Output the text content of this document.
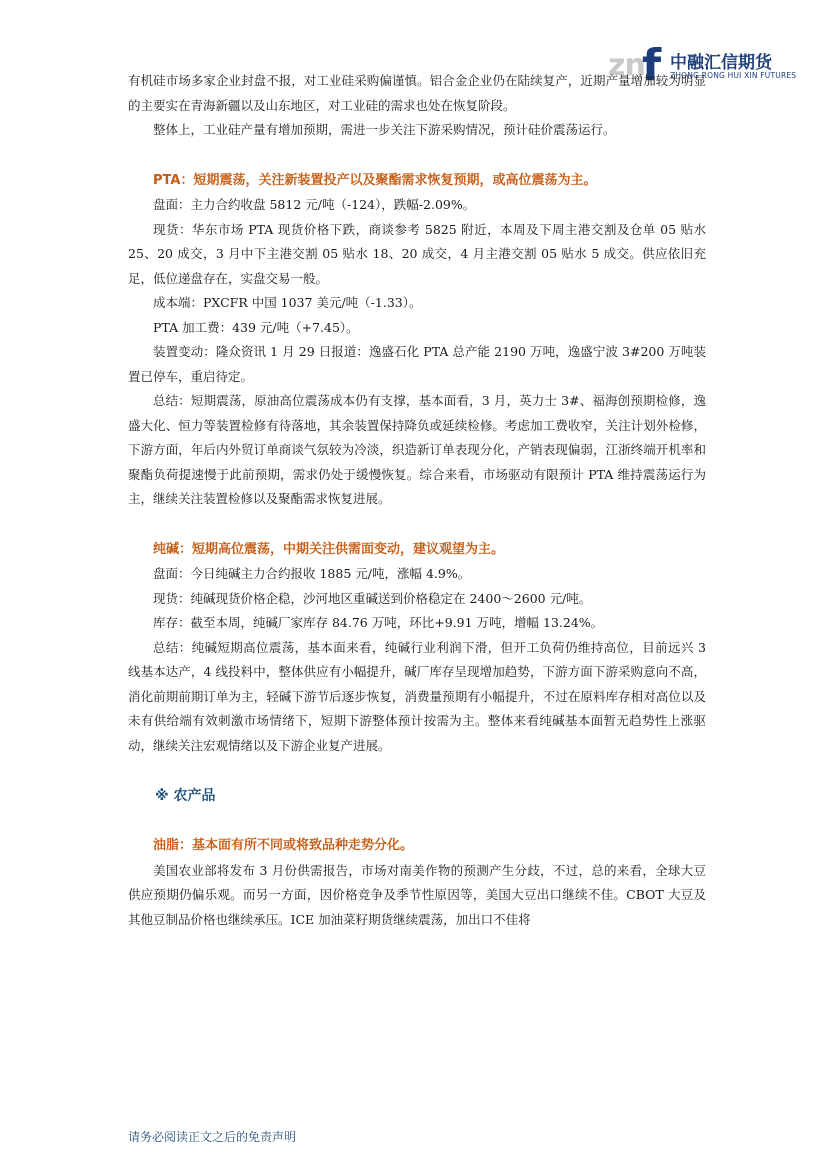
zn
f 中融汇信期货
ZHONG RONG HUI XIN FUTURES

有机硅市场多家企业封盘不报，对工业硅采购偏谨慎。铝合金企业仍在陆续复产，近期产量增加较为明显的主要实在青海新疆以及山东地区，对工业硅的需求也处在恢复阶段。

整体上，工业硅产量有增加预期，需进一步关注下游采购情况，预计硅价震荡运行。

PTA：短期震荡，关注新装置投产以及聚酯需求恢复预期，或高位震荡为主。

盘面：主力合约收盘 5812 元/吨（-124），跌幅-2.09%。

现货：华东市场 PTA 现货价格下跌，商谈参考 5825 附近，本周及下周主港交割及仓单 05 贴水 25、20 成交，3 月中下主港交割 05 贴水 18、20 成交，4 月主港交割 05 贴水 5 成交。供应依旧充足，低位递盘存在，实盘交易一般。

成本端：PXCFR 中国 1037 美元/吨（-1.33）。

PTA 加工费：439 元/吨（+7.45）。

装置变动：隆众资讯 1 月 29 日报道：逸盛石化 PTA 总产能 2190 万吨，逸盛宁波 3#200 万吨装置已停车，重启待定。

总结：短期震荡，原油高位震荡成本仍有支撑，基本面看，3 月，英力士 3#、福海创预期检修，逸盛大化、恒力等装置检修有待落地，其余装置保持降负或延续检修。考虑加工费收窄，关注计划外检修，下游方面，年后内外贸订单商谈气氛较为冷淡，织造新订单表现分化，产销表现偏弱，江浙终端开机率和聚酯负荷提速慢于此前预期，需求仍处于缓慢恢复。综合来看，市场驱动有限预计 PTA 维持震荡运行为主，继续关注装置检修以及聚酯需求恢复进展。

纯碱：短期高位震荡，中期关注供需面变动，建议观望为主。

盘面：今日纯碱主力合约报收 1885 元/吨，涨幅 4.9%。

现货：纯碱现货价格企稳，沙河地区重碱送到价格稳定在 2400～2600 元/吨。

库存：截至本周，纯碱厂家库存 84.76 万吨，环比+9.91 万吨，增幅 13.24%。

总结：纯碱短期高位震荡，基本面来看，纯碱行业利润下滑，但开工负荷仍维持高位，目前远兴 3 线基本达产，4 线投料中，整体供应有小幅提升，碱厂库存呈现增加趋势，下游方面下游采购意向不高，消化前期前期订单为主，轻碱下游节后逐步恢复，消费量预期有小幅提升，不过在原料库存相对高位以及未有供给端有效刺激市场情绪下，短期下游整体预计按需为主。整体来看纯碱基本面暂无趋势性上涨驱动，继续关注宏观情绪以及下游企业复产进展。

※ 农产品

油脂：基本面有所不同或将致品种走势分化。

美国农业部将发布 3 月份供需报告，市场对南美作物的预测产生分歧，不过，总的来看，全球大豆供应预期仍偏乐观。而另一方面，因价格竞争及季节性原因等，美国大豆出口继续不佳。CBOT 大豆及其他豆制品价格也继续承压。ICE 加油菜籽期货继续震荡，加出口不佳将

请务必阅读正文之后的免责声明
